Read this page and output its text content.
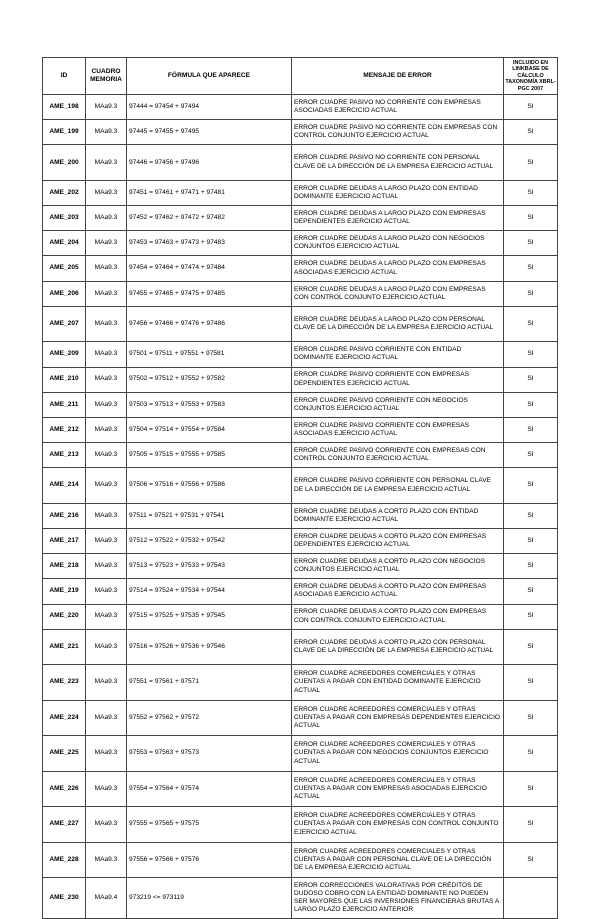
ID	CUADRO MEMORIA	FÓRMULA QUE APARECE	MENSAJE DE ERROR	INCLUIDO EN LINKBASE DE CÁLCULO TAXONOMÍA XBRL-PGC 2007
AME_198	MAa9.3	97444 = 97454 + 97494	ERROR CUADRE PASIVO NO CORRIENTE CON EMPRESAS ASOCIADAS EJERCICIO ACTUAL	SI
AME_199	MAa9.3	97445 = 97455 + 97495	ERROR CUADRE PASIVO NO CORRIENTE CON EMPRESAS CON CONTROL CONJUNTO EJERCICIO ACTUAL	SI
AME_200	MAa9.3	97446 = 97456 + 97496	ERROR CUADRE PASIVO NO CORRIENTE CON PERSONAL CLAVE DE LA DIRECCIÓN DE LA EMPRESA EJERCICIO ACTUAL	SI
AME_202	MAa9.3	97451 = 97461 + 97471 + 97481	ERROR CUADRE DEUDAS A LARGO PLAZO CON ENTIDAD DOMINANTE EJERCICIO ACTUAL	SI
AME_203	MAa9.3	97452 = 97462 + 97472 + 97482	ERROR CUADRE DEUDAS A LARGO PLAZO CON EMPRESAS DEPENDIENTES EJERCICIO ACTUAL	SI
AME_204	MAa9.3	97453 = 97463 + 97473 + 97483	ERROR CUADRE DEUDAS A LARGO PLAZO CON NEGOCIOS CONJUNTOS EJERCICIO ACTUAL	SI
AME_205	MAa9.3	97454 = 97464 + 97474 + 97484	ERROR CUADRE DEUDAS A LARGO PLAZO CON EMPRESAS ASOCIADAS EJERCICIO ACTUAL	SI
AME_206	MAa9.3	97455 = 97465 + 97475 + 97485	ERROR CUADRE DEUDAS A LARGO PLAZO CON EMPRESAS CON CONTROL CONJUNTO EJERCICIO ACTUAL	SI
AME_207	MAa9.3	97456 = 97466 + 97476 + 97486	ERROR CUADRE DEUDAS A LARGO PLAZO CON PERSONAL CLAVE DE LA DIRECCIÓN DE LA EMPRESA EJERCICIO ACTUAL	SI
AME_209	MAa9.3	97501 = 97511 + 97551 + 97581	ERROR CUADRE PASIVO CORRIENTE CON ENTIDAD DOMINANTE EJERCICIO ACTUAL	SI
AME_210	MAa9.3	97502 = 97512 + 97552 + 97582	ERROR CUADRE PASIVO CORRIENTE CON EMPRESAS DEPENDIENTES EJERCICIO ACTUAL	SI
AME_211	MAa9.3	97503 = 97513 + 97553 + 97583	ERROR CUADRE PASIVO CORRIENTE CON NEGOCIOS CONJUNTOS EJERCICIO ACTUAL	SI
AME_212	MAa9.3	97504 = 97514 + 97554 + 97584	ERROR CUADRE PASIVO CORRIENTE CON EMPRESAS ASOCIADAS EJERCICIO ACTUAL	SI
AME_213	MAa9.3	97505 = 97515 + 97555 + 97585	ERROR CUADRE PASIVO CORRIENTE CON EMPRESAS CON CONTROL CONJUNTO EJERCICIO ACTUAL	SI
AME_214	MAa9.3	97506 = 97516 + 97556 + 97586	ERROR CUADRE PASIVO CORRIENTE CON PERSONAL CLAVE DE LA DIRECCIÓN DE LA EMPRESA EJERCICIO ACTUAL	SI
AME_216	MAa9.3	97511 = 97521 + 97531 + 97541	ERROR CUADRE DEUDAS A CORTO PLAZO CON ENTIDAD DOMINANTE EJERCICIO ACTUAL	SI
AME_217	MAa9.3	97512 = 97522 + 97532 + 97542	ERROR CUADRE DEUDAS A CORTO PLAZO CON EMPRESAS DEPENDIENTES EJERCICIO ACTUAL	SI
AME_218	MAa9.3	97513 = 97523 + 97533 + 97543	ERROR CUADRE DEUDAS A CORTO PLAZO CON NEGOCIOS CONJUNTOS EJERCICIO ACTUAL	SI
AME_219	MAa9.3	97514 = 97524 + 97534 + 97544	ERROR CUADRE DEUDAS A CORTO PLAZO CON EMPRESAS ASOCIADAS EJERCICIO ACTUAL	SI
AME_220	MAa9.3	97515 = 97525 + 97535 + 97545	ERROR CUADRE DEUDAS A CORTO PLAZO CON EMPRESAS CON CONTROL CONJUNTO EJERCICIO ACTUAL	SI
AME_221	MAa9.3	97516 = 97526 + 97536 + 97546	ERROR CUADRE DEUDAS A CORTO PLAZO CON PERSONAL CLAVE DE LA DIRECCIÓN DE LA EMPRESA EJERCICIO ACTUAL	SI
AME_223	MAa9.3	97551 = 97561 + 97571	ERROR CUADRE ACREEDORES COMERCIALES Y OTRAS CUENTAS A PAGAR CON ENTIDAD DOMINANTE EJERCICIO ACTUAL	SI
AME_224	MAa9.3	97552 = 97562 + 97572	ERROR CUADRE ACREEDORES COMERCIALES Y OTRAS CUENTAS A PAGAR CON EMPRESAS DEPENDIENTES EJERCICIO ACTUAL	SI
AME_225	MAa9.3	97553 = 97563 + 97573	ERROR CUADRE ACREEDORES COMERCIALES Y OTRAS CUENTAS A PAGAR CON NEGOCIOS CONJUNTOS EJERCICIO ACTUAL	SI
AME_226	MAa9.3	97554 = 97564 + 97574	ERROR CUADRE ACREEDORES COMERCIALES Y OTRAS CUENTAS A PAGAR CON EMPRESAS ASOCIADAS EJERCICIO ACTUAL	SI
AME_227	MAa9.3	97555 = 97565 + 97575	ERROR CUADRE ACREEDORES COMERCIALES Y OTRAS CUENTAS A PAGAR CON EMPRESAS CON CONTROL CONJUNTO EJERCICIO ACTUAL	SI
AME_228	MAa9.3	97556 = 97566 + 97576	ERROR CUADRE ACREEDORES COMERCIALES Y OTRAS CUENTAS A PAGAR CON PERSONAL CLAVE DE LA DIRECCIÓN DE LA EMPRESA EJERCICIO ACTUAL	SI
AME_230	MAa9.4	973219 <= 973119	ERROR CORRECCIONES VALORATIVAS POR CRÉDITOS DE DUDOSO COBRO CON LA ENTIDAD DOMINANTE NO PUEDEN SER MAYORES QUE LAS INVERSIONES FINANCIERAS BRUTAS A LARGO PLAZO EJERCICIO ANTERIOR	
